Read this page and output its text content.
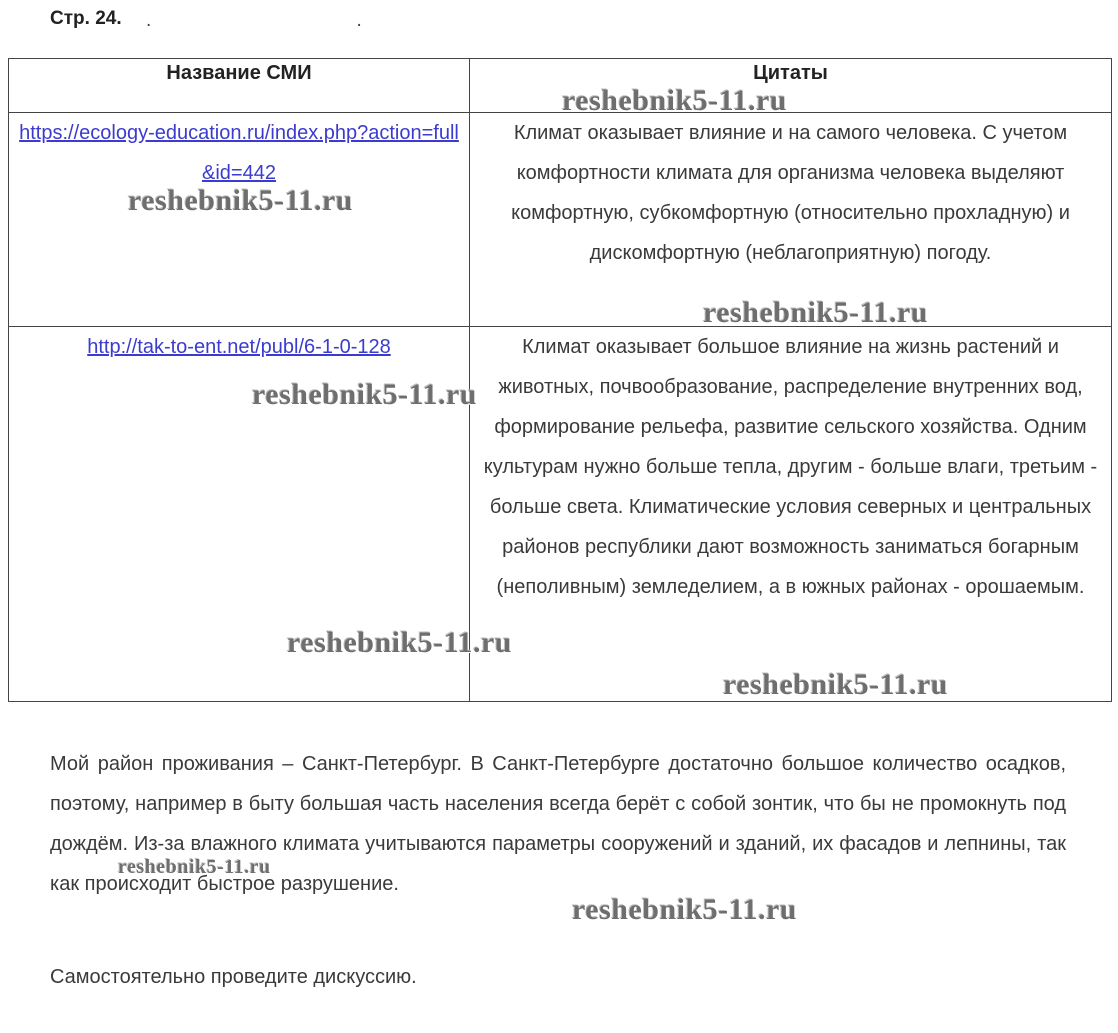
Стр. 24. . .
Название СМИ	Цитаты
https://ecology-education.ru/index.php?action=full&id=442	Климат оказывает влияние и на самого человека. С учетом комфортности климата для организма человека выделяют комфортную, субкомфортную (относительно прохладную) и дискомфортную (неблагоприятную) погоду.
http://tak-to-ent.net/publ/6-1-0-128	Климат оказывает большое влияние на жизнь растений и животных, почвообразование, распределение внутренних вод, формирование рельефа, развитие сельского хозяйства. Одним культурам нужно больше тепла, другим - больше влаги, третьим - больше света. Климатические условия северных и центральных районов республики дают возможность заниматься богарным (неполивным) земледелием, а в южных районах - орошаемым.

Мой район проживания – Санкт-Петербург. В Санкт-Петербурге достаточно большое количество осадков, поэтому, например в быту большая часть населения всегда берёт с собой зонтик, что бы не промокнуть под дождём. Из-за влажного климата учитываются параметры сооружений и зданий, их фасадов и лепнины, так как происходит быстрое разрушение.

Самостоятельно проведите дискуссию.

reshebnik5-11.ru
reshebnik5-11.ru
reshebnik5-11.ru
reshebnik5-11.ru
reshebnik5-11.ru
reshebnik5-11.ru
reshebnik5-11.ru
reshebnik5-11.ru
